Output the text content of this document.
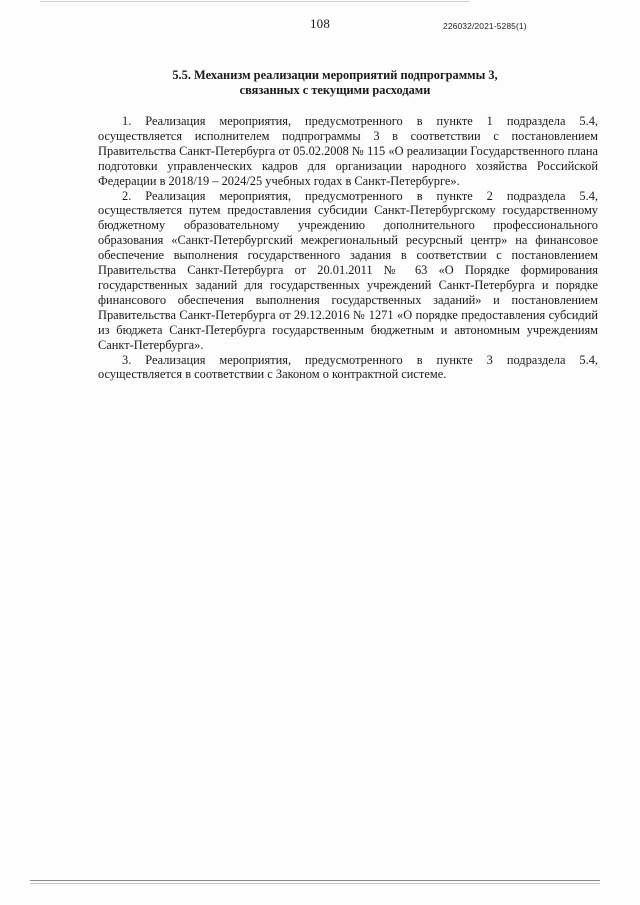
108	226032/2021-5285(1)
5.5. Механизм реализации мероприятий подпрограммы 3,
связанных с текущими расходами

1. Реализация мероприятия, предусмотренного в пункте 1 подраздела 5.4, осуществляется исполнителем подпрограммы 3 в соответствии с постановлением Правительства Санкт-Петербурга от 05.02.2008 № 115 «О реализации Государственного плана подготовки управленческих кадров для организации народного хозяйства Российской Федерации в 2018/19 – 2024/25 учебных годах в Санкт-Петербурге».

2. Реализация мероприятия, предусмотренного в пункте 2 подраздела 5.4, осуществляется путем предоставления субсидии Санкт-Петербургскому государственному бюджетному образовательному учреждению дополнительного профессионального образования «Санкт-Петербургский межрегиональный ресурсный центр» на финансовое обеспечение выполнения государственного задания в соответствии с постановлением Правительства Санкт-Петербурга от 20.01.2011 № 63 «О Порядке формирования государственных заданий для государственных учреждений Санкт-Петербурга и порядке финансового обеспечения выполнения государственных заданий» и постановлением Правительства Санкт-Петербурга от 29.12.2016 № 1271 «О порядке предоставления субсидий из бюджета Санкт-Петербурга государственным бюджетным и автономным учреждениям Санкт-Петербурга».

3. Реализация мероприятия, предусмотренного в пункте 3 подраздела 5.4, осуществляется в соответствии с Законом о контрактной системе.
